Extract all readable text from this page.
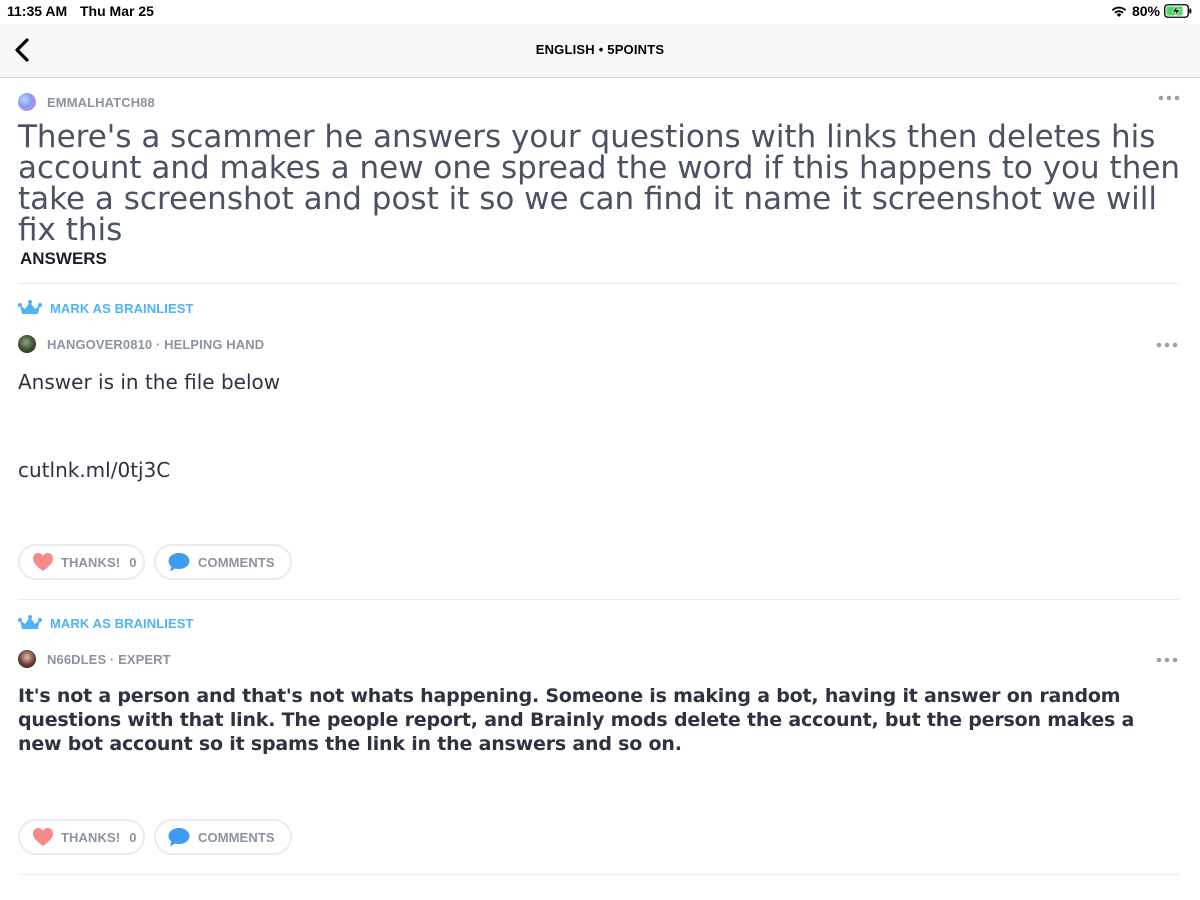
11:35 AM Thu Mar 25	80%
ENGLISH • 5POINTS
EMMALHATCH88
There's a scammer he answers your questions with links then deletes his account and makes a new one spread the word if this happens to you then take a screenshot and post it so we can find it name it screenshot we will fix this
ANSWERS
MARK AS BRAINLIEST
HANGOVER0810 · HELPING HAND
Answer is in the file below
cutlnk.ml/0tj3C
THANKS! 0	COMMENTS
MARK AS BRAINLIEST
N66DLES · EXPERT
It's not a person and that's not whats happening. Someone is making a bot, having it answer on random questions with that link. The people report, and Brainly mods delete the account, but the person makes a new bot account so it spams the link in the answers and so on.
THANKS! 0	COMMENTS
